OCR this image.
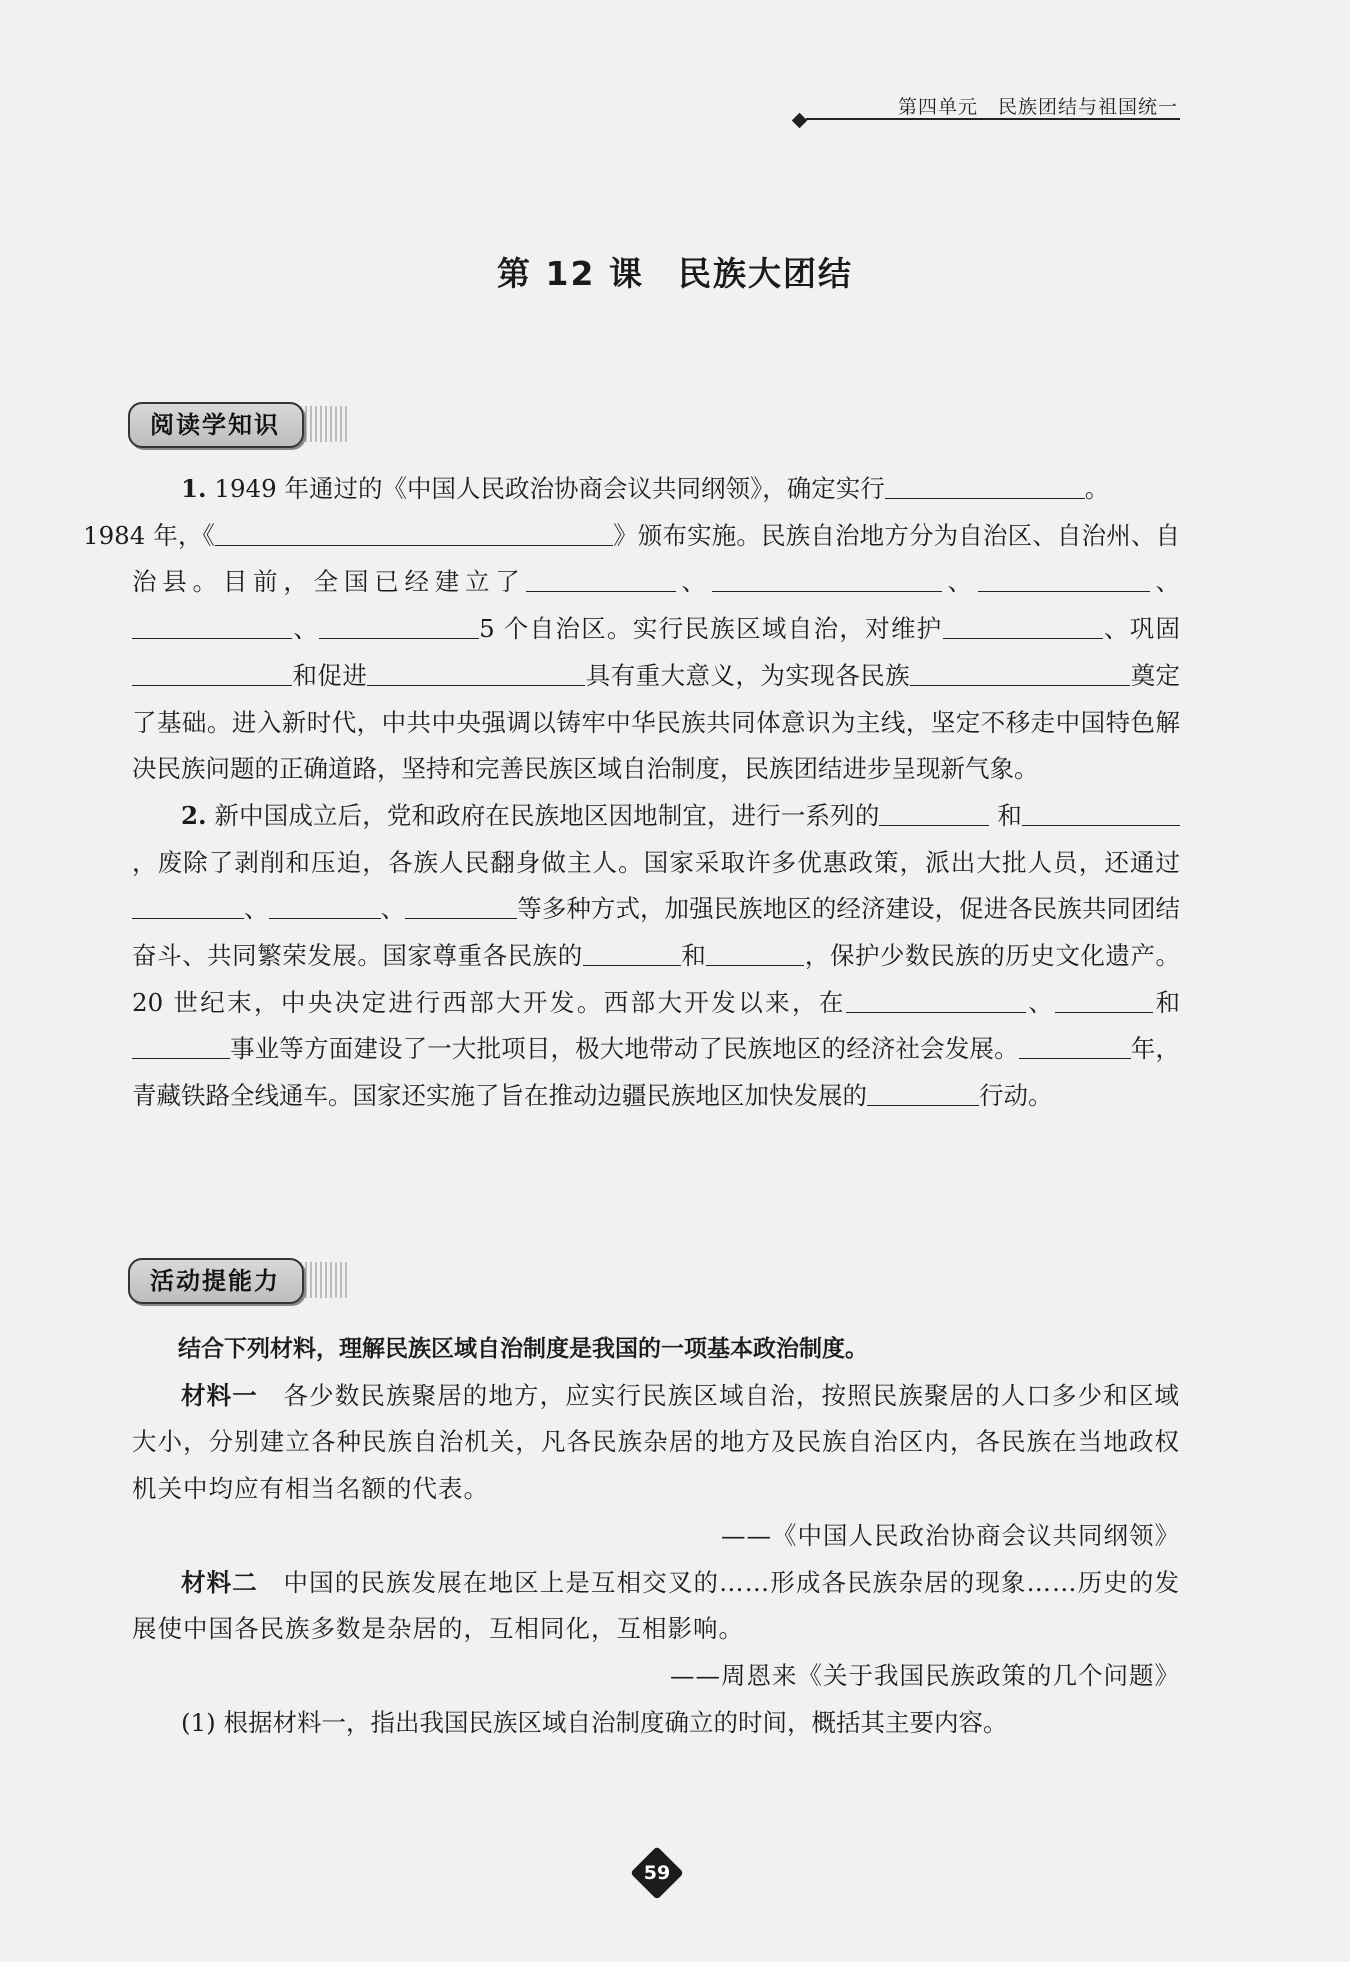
第四单元　民族团结与祖国统一
第 12 课 民族大团结
阅读学知识

1. 1949 年通过的《中国人民政治协商会议共同纲领》，确定实行	。
1984 年，《	》颁布实施。民族自治地方分为自治区、自治州、自治县。目前，全国已经建立了	、	、	、、	5 个自治区。实行民族区域自治，对维护	、巩固和促进	具有重大意义，为实现各民族	奠定了基础。进入新时代，中共中央强调以铸牢中华民族共同体意识为主线，坚定不移走中国特色解决民族问题的正确道路，坚持和完善民族区域自治制度，民族团结进步呈现新气象。

2. 新中国成立后，党和政府在民族地区因地制宜，进行一系列的	和，废除了剥削和压迫，各族人民翻身做主人。国家采取许多优惠政策，派出大批人员，还通过、	、	等多种方式，加强民族地区的经济建设，促进各民族共同团结奋斗、共同繁荣发展。国家尊重各民族的	和	，保护少数民族的历史文化遗产。20 世纪末，中央决定进行西部大开发。西部大开发以来，在	、	和事业等方面建设了一大批项目，极大地带动了民族地区的经济社会发展。	年，青藏铁路全线通车。国家还实施了旨在推动边疆民族地区加快发展的	行动。

活动提能力

结合下列材料，理解民族区域自治制度是我国的一项基本政治制度。

材料一　 各少数民族聚居的地方，应实行民族区域自治，按照民族聚居的人口多少和区域大小，分别建立各种民族自治机关，凡各民族杂居的地方及民族自治区内，各民族在当地政权机关中均应有相当名额的代表。

——《中国人民政治协商会议共同纲领》

材料二　 中国的民族发展在地区上是互相交叉的……形成各民族杂居的现象……历史的发展使中国各民族多数是杂居的，互相同化，互相影响。

——周恩来《关于我国民族政策的几个问题》

(1) 根据材料一，指出我国民族区域自治制度确立的时间，概括其主要内容。

59
